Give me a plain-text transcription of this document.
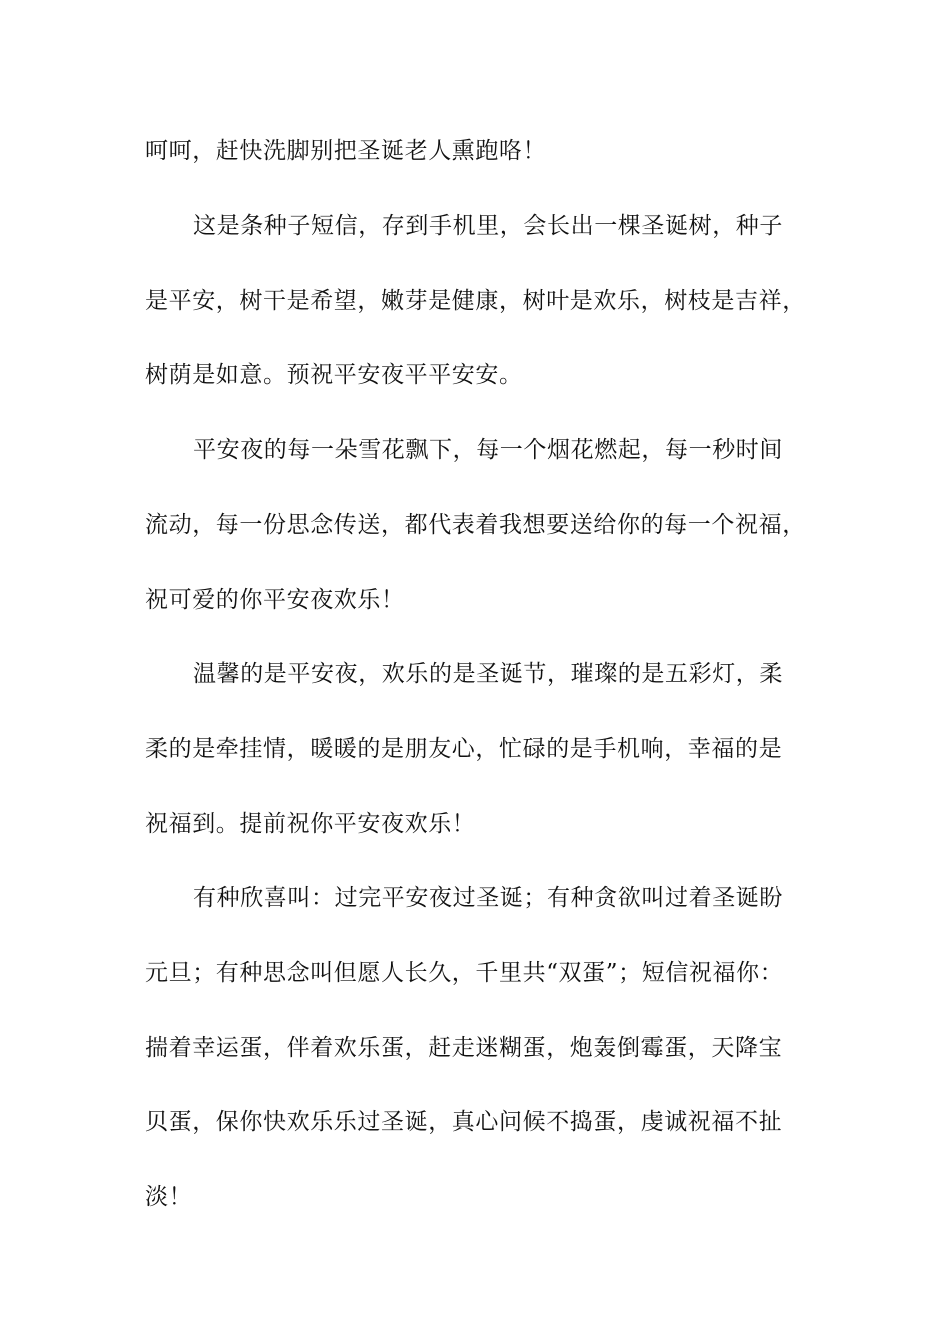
呵呵，赶快洗脚别把圣诞老人熏跑咯！
这是条种子短信，存到手机里，会长出一棵圣诞树，种子
是平安，树干是希望，嫩芽是健康，树叶是欢乐，树枝是吉祥，
树荫是如意。预祝平安夜平平安安。
平安夜的每一朵雪花飘下，每一个烟花燃起，每一秒时间
流动，每一份思念传送，都代表着我想要送给你的每一个祝福，
祝可爱的你平安夜欢乐！
温馨的是平安夜，欢乐的是圣诞节，璀璨的是五彩灯，柔
柔的是牵挂情，暖暖的是朋友心，忙碌的是手机响，幸福的是
祝福到。提前祝你平安夜欢乐！
有种欣喜叫：过完平安夜过圣诞；有种贪欲叫过着圣诞盼
元旦；有种思念叫但愿人长久，千里共“双蛋”；短信祝福你：
揣着幸运蛋，伴着欢乐蛋，赶走迷糊蛋，炮轰倒霉蛋，天降宝
贝蛋，保你快欢乐乐过圣诞，真心问候不捣蛋，虔诚祝福不扯
淡！
